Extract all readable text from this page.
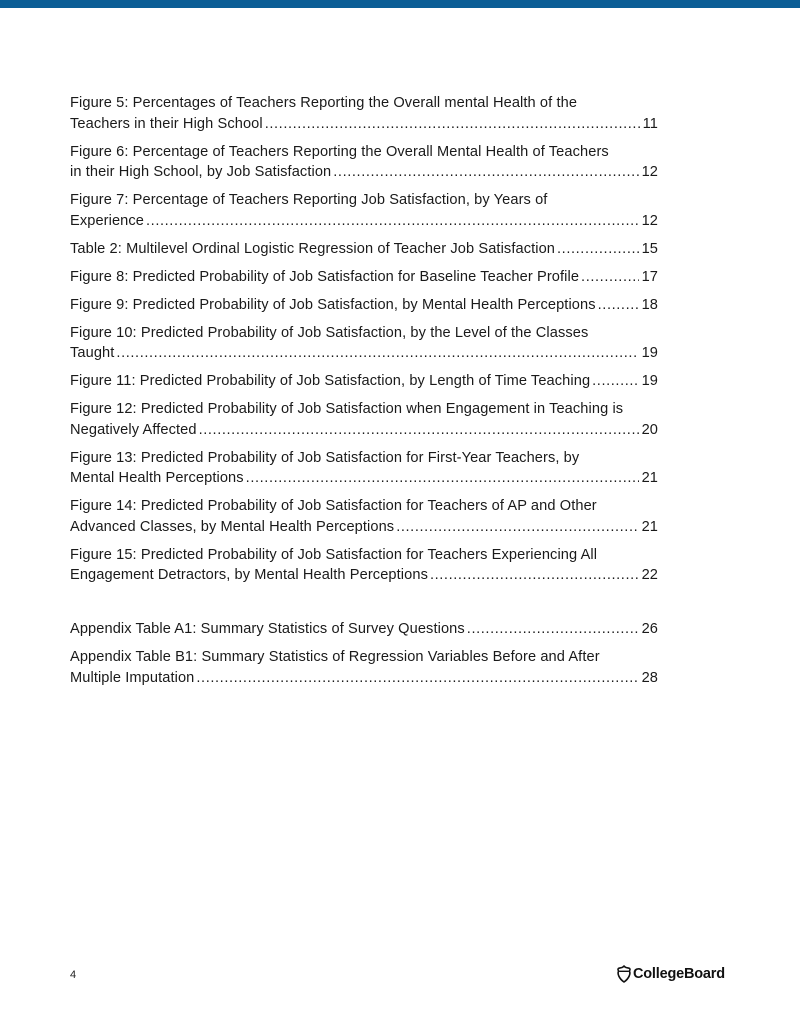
Figure 5: Percentages of Teachers Reporting the Overall mental Health of the
Teachers in their High School .....	11
Figure 6: Percentage of Teachers Reporting the Overall Mental Health of Teachers
in their High School, by Job Satisfaction .....	12
Figure 7: Percentage of Teachers Reporting Job Satisfaction, by Years of
Experience .....	12
Table 2: Multilevel Ordinal Logistic Regression of Teacher Job Satisfaction .....	15
Figure 8: Predicted Probability of Job Satisfaction for Baseline Teacher Profile .....	17
Figure 9: Predicted Probability of Job Satisfaction, by Mental Health Perceptions .....	18
Figure 10: Predicted Probability of Job Satisfaction, by the Level of the Classes
Taught .....	19
Figure 11: Predicted Probability of Job Satisfaction, by Length of Time Teaching .....	19
Figure 12: Predicted Probability of Job Satisfaction when Engagement in Teaching is
Negatively Affected .....	20
Figure 13: Predicted Probability of Job Satisfaction for First-Year Teachers, by
Mental Health Perceptions .....	21
Figure 14: Predicted Probability of Job Satisfaction for Teachers of AP and Other
Advanced Classes, by Mental Health Perceptions .....	21
Figure 15: Predicted Probability of Job Satisfaction for Teachers Experiencing All
Engagement Detractors, by Mental Health Perceptions .....	22
Appendix Table A1: Summary Statistics of Survey Questions .....	26
Appendix Table B1: Summary Statistics of Regression Variables Before and After
Multiple Imputation .....	28
4	CollegeBoard
